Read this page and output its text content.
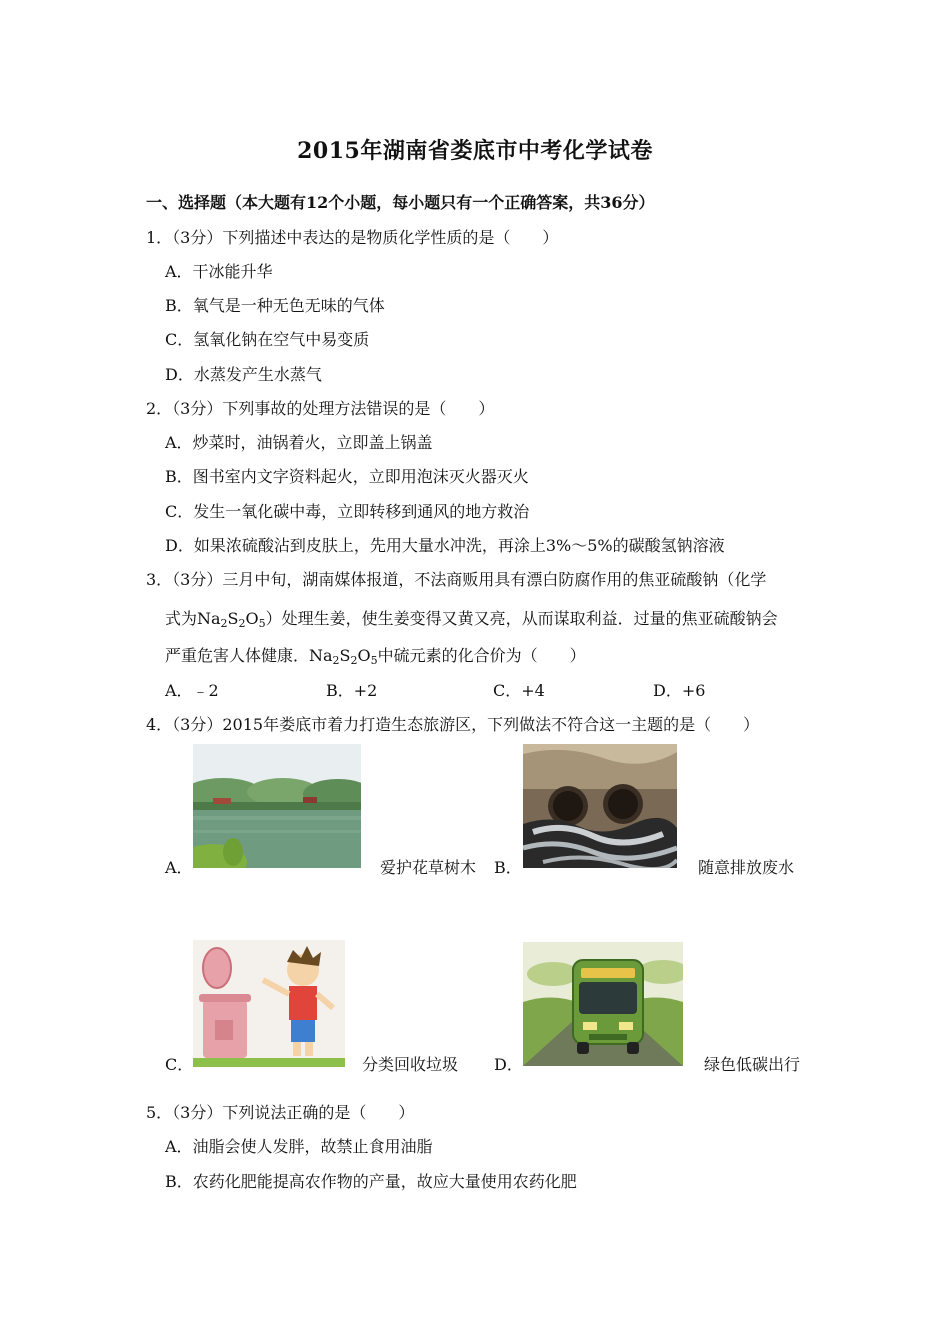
2015年湖南省娄底市中考化学试卷
一、选择题（本大题有12个小题，每小题只有一个正确答案，共36分）
1．（3分）下列描述中表达的是物质化学性质的是（　　）
A．干冰能升华
B．氧气是一种无色无味的气体
C．氢氧化钠在空气中易变质
D．水蒸发产生水蒸气
2．（3分）下列事故的处理方法错误的是（　　）
A．炒菜时，油锅着火，立即盖上锅盖
B．图书室内文字资料起火，立即用泡沫灭火器灭火
C．发生一氧化碳中毒，立即转移到通风的地方救治
D．如果浓硫酸沾到皮肤上，先用大量水冲洗，再涂上3%～5%的碳酸氢钠溶液
3．（3分）三月中旬，湖南媒体报道，不法商贩用具有漂白防腐作用的焦亚硫酸钠（化学
式为$Na_2S_2O_5$）处理生姜，使生姜变得又黄又亮，从而谋取利益．过量的焦亚硫酸钠会
严重危害人体健康．$Na_2S_2O_5$中硫元素的化合价为（　　）
A．﹣2	B．+2	C．+4	D．+6
4．（3分）2015年娄底市着力打造生态旅游区，下列做法不符合这一主题的是（　　）
A．	爱护花草树木 B．	随意排放废水
C．	分类回收垃圾 D．	绿色低碳出行
5．（3分）下列说法正确的是（　　）
A．油脂会使人发胖，故禁止食用油脂
B．农药化肥能提高农作物的产量，故应大量使用农药化肥
